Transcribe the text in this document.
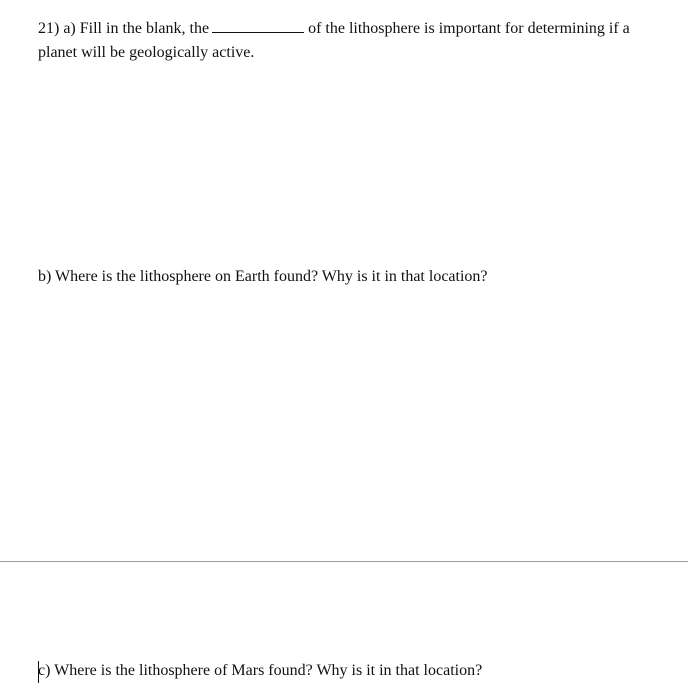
21) a) Fill in the blank, the	of the lithosphere is important for determining if a
planet will be geologically active.
b) Where is the lithosphere on Earth found? Why is it in that location?
c) Where is the lithosphere of Mars found? Why is it in that location?
